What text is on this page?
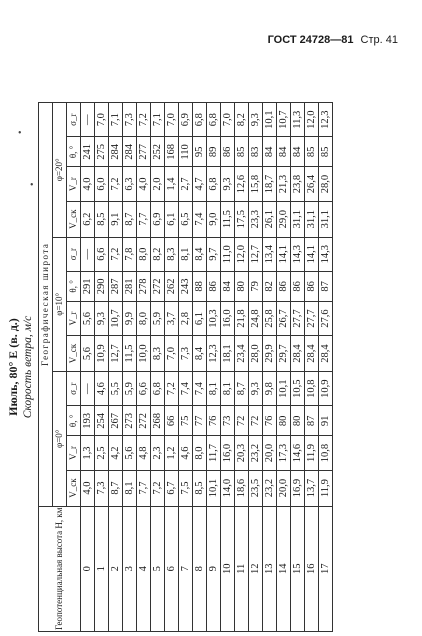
ГОСТ 24728—81 Стр. 41
Июль, 80° Е (в. д.) Скорость ветра, м/с
Геопотенциальная высота H, км	Географическая широта											
	φ=0°				φ=10°				φ=20°			
	V_ск	V_r	θ, °	σ_r	V_ск	V_r	θ, °	σ_r	V_ск	V_r	θ, °	σ_r
0	4,0	1,3	193	—	5,6	5,6	291	—	6,2	4,0	241	—
1	7,3	2,5	254	4,6	10,9	9,3	290	6,6	8,5	6,0	275	7,0
2	8,7	4,2	267	5,5	12,7	10,7	287	7,2	9,1	7,2	284	7,1
3	8,1	5,6	273	5,9	11,5	9,9	281	7,8	8,7	6,3	284	7,3
4	7,7	4,8	272	6,6	10,0	8,0	278	8,0	7,7	4,0	277	7,2
5	7,2	2,3	268	6,8	8,3	5,9	272	8,2	6,9	2,0	252	7,1
6	6,7	1,2	66	7,2	7,0	3,7	262	8,3	6,1	1,4	168	7,0
7	7,5	4,6	75	7,4	7,3	2,8	243	8,1	6,5	2,7	110	6,9
8	8,5	8,0	77	7,4	8,4	6,1	88	8,4	7,4	4,7	95	6,8
9	10,1	11,7	76	8,1	12,3	10,3	86	9,7	9,0	6,8	89	6,8
10	14,0	16,0	73	8,1	18,1	16,0	84	11,0	11,5	9,3	86	7,0
11	18,6	20,3	72	8,7	23,4	21,8	80	12,0	17,5	12,6	85	8,2
12	23,5	23,2	72	9,3	28,0	24,8	79	12,7	23,3	15,8	83	9,3
13	23,2	20,0	76	9,8	29,9	25,8	82	13,4	26,1	18,7	84	10,1
14	20,0	17,3	80	10,1	29,7	26,7	86	14,1	29,0	21,3	84	10,7
15	16,9	14,6	80	10,5	28,4	27,7	86	14,3	31,1	23,8	84	11,3
16	13,7	11,9	87	10,8	28,4	27,7	86	14,1	31,1	26,4	85	12,0
17	11,9	10,8	91	10,9	28,4	27,6	87	14,3	31,1	28,0	85	12,3
•
•
